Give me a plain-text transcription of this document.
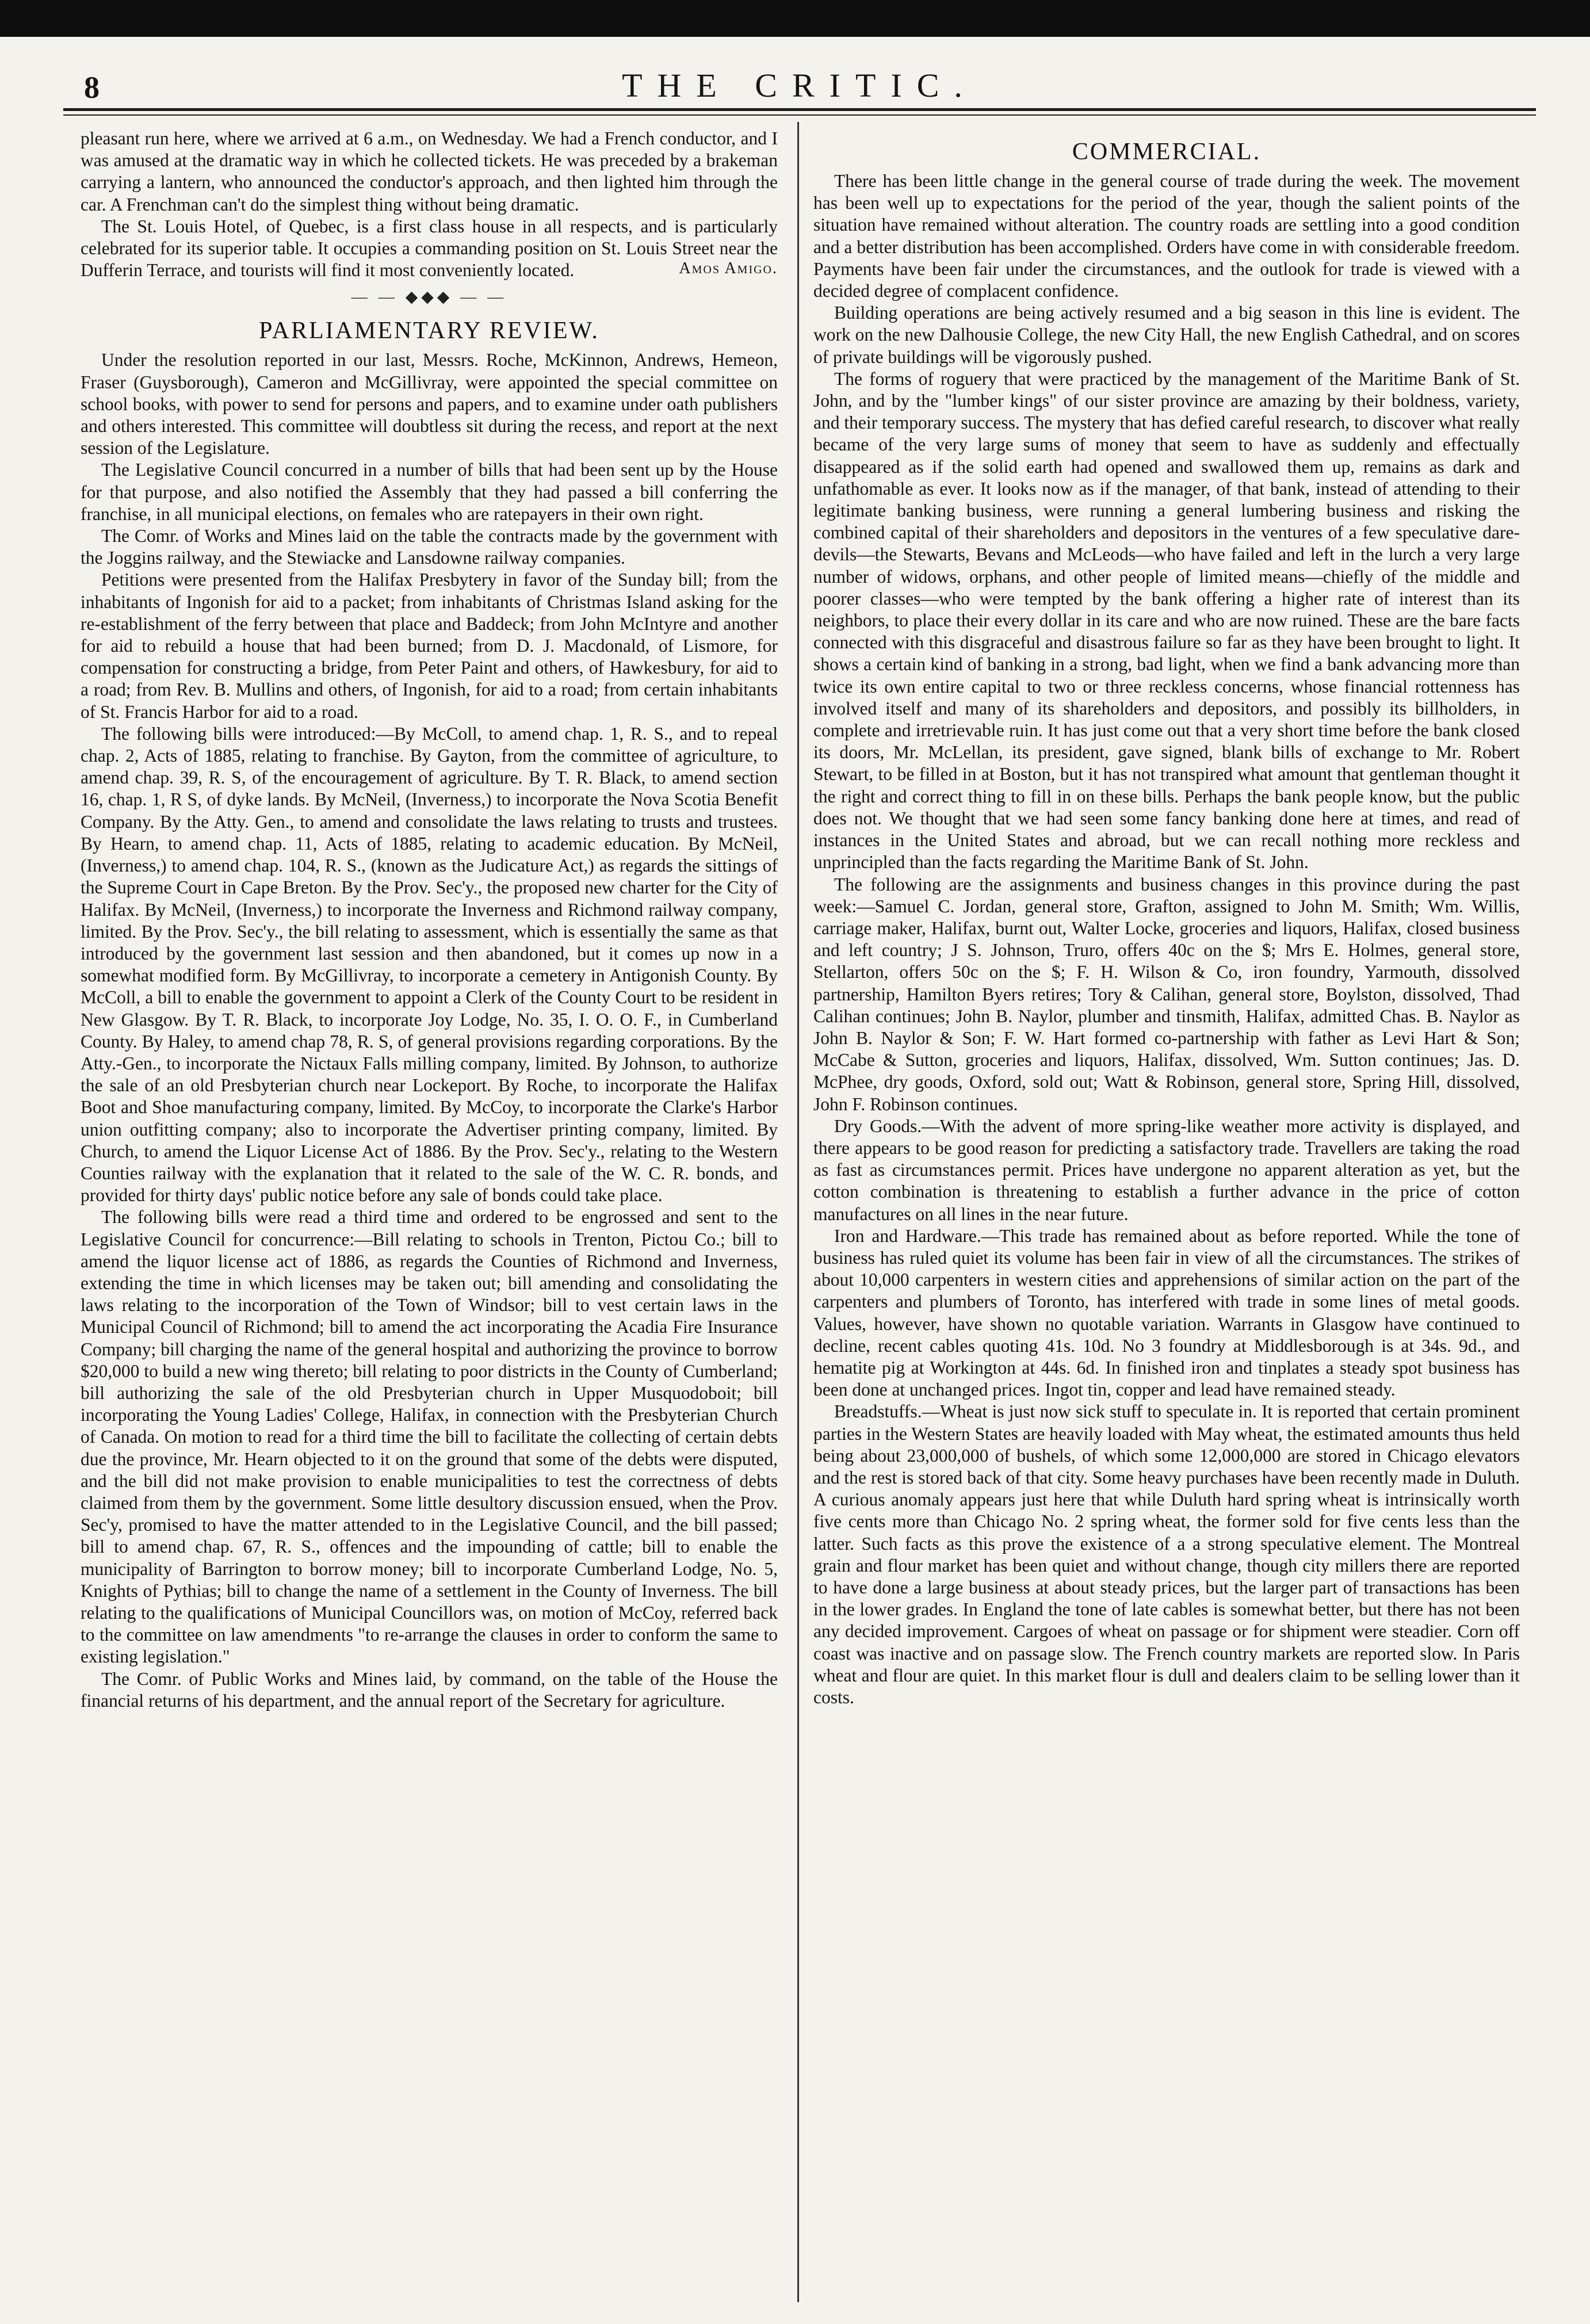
8	THE CRITIC.

pleasant run here, where we arrived at 6 a.m., on Wednesday. We had a French conductor, and I was amused at the dramatic way in which he collected tickets. He was preceded by a brakeman carrying a lantern, who announced the conductor's approach, and then lighted him through the car. A Frenchman can't do the simplest thing without being dramatic.

The St. Louis Hotel, of Quebec, is a first class house in all respects, and is particularly celebrated for its superior table. It occupies a commanding position on St. Louis Street near the Dufferin Terrace, and tourists will find it most conveniently located.	Amos Amigo.
— — ◆◆◆ — —
PARLIAMENTARY REVIEW.

Under the resolution reported in our last, Messrs. Roche, McKinnon, Andrews, Hemeon, Fraser (Guysborough), Cameron and McGillivray, were appointed the special committee on school books, with power to send for persons and papers, and to examine under oath publishers and others interested. This committee will doubtless sit during the recess, and report at the next session of the Legislature.

The Legislative Council concurred in a number of bills that had been sent up by the House for that purpose, and also notified the Assembly that they had passed a bill conferring the franchise, in all municipal elections, on females who are ratepayers in their own right.

The Comr. of Works and Mines laid on the table the contracts made by the government with the Joggins railway, and the Stewiacke and Lansdowne railway companies.

Petitions were presented from the Halifax Presbytery in favor of the Sunday bill; from the inhabitants of Ingonish for aid to a packet; from inhabitants of Christmas Island asking for the re-establishment of the ferry between that place and Baddeck; from John McIntyre and another for aid to rebuild a house that had been burned; from D. J. Macdonald, of Lismore, for compensation for constructing a bridge, from Peter Paint and others, of Hawkesbury, for aid to a road; from Rev. B. Mullins and others, of Ingonish, for aid to a road; from certain inhabitants of St. Francis Harbor for aid to a road.

The following bills were introduced:—By McColl, to amend chap. 1, R. S., and to repeal chap. 2, Acts of 1885, relating to franchise. By Gayton, from the committee of agriculture, to amend chap. 39, R. S, of the encouragement of agriculture. By T. R. Black, to amend section 16, chap. 1, R S, of dyke lands. By McNeil, (Inverness,) to incorporate the Nova Scotia Benefit Company. By the Atty. Gen., to amend and consolidate the laws relating to trusts and trustees. By Hearn, to amend chap. 11, Acts of 1885, relating to academic education. By McNeil, (Inverness,) to amend chap. 104, R. S., (known as the Judicature Act,) as regards the sittings of the Supreme Court in Cape Breton. By the Prov. Sec'y., the proposed new charter for the City of Halifax. By McNeil, (Inverness,) to incorporate the Inverness and Richmond railway company, limited. By the Prov. Sec'y., the bill relating to assessment, which is essentially the same as that introduced by the government last session and then abandoned, but it comes up now in a somewhat modified form. By McGillivray, to incorporate a cemetery in Antigonish County. By McColl, a bill to enable the government to appoint a Clerk of the County Court to be resident in New Glasgow. By T. R. Black, to incorporate Joy Lodge, No. 35, I. O. O. F., in Cumberland County. By Haley, to amend chap 78, R. S, of general provisions regarding corporations. By the Atty.-Gen., to incorporate the Nictaux Falls milling company, limited. By Johnson, to authorize the sale of an old Presbyterian church near Lockeport. By Roche, to incorporate the Halifax Boot and Shoe manufacturing company, limited. By McCoy, to incorporate the Clarke's Harbor union outfitting company; also to incorporate the Advertiser printing company, limited. By Church, to amend the Liquor License Act of 1886. By the Prov. Sec'y., relating to the Western Counties railway with the explanation that it related to the sale of the W. C. R. bonds, and provided for thirty days' public notice before any sale of bonds could take place.

The following bills were read a third time and ordered to be engrossed and sent to the Legislative Council for concurrence:—Bill relating to schools in Trenton, Pictou Co.; bill to amend the liquor license act of 1886, as regards the Counties of Richmond and Inverness, extending the time in which licenses may be taken out; bill amending and consolidating the laws relating to the incorporation of the Town of Windsor; bill to vest certain laws in the Municipal Council of Richmond; bill to amend the act incorporating the Acadia Fire Insurance Company; bill charging the name of the general hospital and authorizing the province to borrow $20,000 to build a new wing thereto; bill relating to poor districts in the County of Cumberland; bill authorizing the sale of the old Presbyterian church in Upper Musquodoboit; bill incorporating the Young Ladies' College, Halifax, in connection with the Presbyterian Church of Canada. On motion to read for a third time the bill to facilitate the collecting of certain debts due the province, Mr. Hearn objected to it on the ground that some of the debts were disputed, and the bill did not make provision to enable municipalities to test the correctness of debts claimed from them by the government. Some little desultory discussion ensued, when the Prov. Sec'y, promised to have the matter attended to in the Legislative Council, and the bill passed; bill to amend chap. 67, R. S., offences and the impounding of cattle; bill to enable the municipality of Barrington to borrow money; bill to incorporate Cumberland Lodge, No. 5, Knights of Pythias; bill to change the name of a settlement in the County of Inverness. The bill relating to the qualifications of Municipal Councillors was, on motion of McCoy, referred back to the committee on law amendments "to re-arrange the clauses in order to conform the same to existing legislation."

The Comr. of Public Works and Mines laid, by command, on the table of the House the financial returns of his department, and the annual report of the Secretary for agriculture.

COMMERCIAL.

There has been little change in the general course of trade during the week. The movement has been well up to expectations for the period of the year, though the salient points of the situation have remained without alteration. The country roads are settling into a good condition and a better distribution has been accomplished. Orders have come in with considerable freedom. Payments have been fair under the circumstances, and the outlook for trade is viewed with a decided degree of complacent confidence.

Building operations are being actively resumed and a big season in this line is evident. The work on the new Dalhousie College, the new City Hall, the new English Cathedral, and on scores of private buildings will be vigorously pushed.

The forms of roguery that were practiced by the management of the Maritime Bank of St. John, and by the "lumber kings" of our sister province are amazing by their boldness, variety, and their temporary success. The mystery that has defied careful research, to discover what really became of the very large sums of money that seem to have as suddenly and effectually disappeared as if the solid earth had opened and swallowed them up, remains as dark and unfathomable as ever. It looks now as if the manager, of that bank, instead of attending to their legitimate banking business, were running a general lumbering business and risking the combined capital of their shareholders and depositors in the ventures of a few speculative dare-devils—the Stewarts, Bevans and McLeods—who have failed and left in the lurch a very large number of widows, orphans, and other people of limited means—chiefly of the middle and poorer classes—who were tempted by the bank offering a higher rate of interest than its neighbors, to place their every dollar in its care and who are now ruined. These are the bare facts connected with this disgraceful and disastrous failure so far as they have been brought to light. It shows a certain kind of banking in a strong, bad light, when we find a bank advancing more than twice its own entire capital to two or three reckless concerns, whose financial rottenness has involved itself and many of its shareholders and depositors, and possibly its billholders, in complete and irretrievable ruin. It has just come out that a very short time before the bank closed its doors, Mr. McLellan, its president, gave signed, blank bills of exchange to Mr. Robert Stewart, to be filled in at Boston, but it has not transpired what amount that gentleman thought it the right and correct thing to fill in on these bills. Perhaps the bank people know, but the public does not. We thought that we had seen some fancy banking done here at times, and read of instances in the United States and abroad, but we can recall nothing more reckless and unprincipled than the facts regarding the Maritime Bank of St. John.

The following are the assignments and business changes in this province during the past week:—Samuel C. Jordan, general store, Grafton, assigned to John M. Smith; Wm. Willis, carriage maker, Halifax, burnt out, Walter Locke, groceries and liquors, Halifax, closed business and left country; J S. Johnson, Truro, offers 40c on the $; Mrs E. Holmes, general store, Stellarton, offers 50c on the $; F. H. Wilson & Co, iron foundry, Yarmouth, dissolved partnership, Hamilton Byers retires; Tory & Calihan, general store, Boylston, dissolved, Thad Calihan continues; John B. Naylor, plumber and tinsmith, Halifax, admitted Chas. B. Naylor as John B. Naylor & Son; F. W. Hart formed co-partnership with father as Levi Hart & Son; McCabe & Sutton, groceries and liquors, Halifax, dissolved, Wm. Sutton continues; Jas. D. McPhee, dry goods, Oxford, sold out; Watt & Robinson, general store, Spring Hill, dissolved, John F. Robinson continues.

Dry Goods.—With the advent of more spring-like weather more activity is displayed, and there appears to be good reason for predicting a satisfactory trade. Travellers are taking the road as fast as circumstances permit. Prices have undergone no apparent alteration as yet, but the cotton combination is threatening to establish a further advance in the price of cotton manufactures on all lines in the near future.

Iron and Hardware.—This trade has remained about as before reported. While the tone of business has ruled quiet its volume has been fair in view of all the circumstances. The strikes of about 10,000 carpenters in western cities and apprehensions of similar action on the part of the carpenters and plumbers of Toronto, has interfered with trade in some lines of metal goods. Values, however, have shown no quotable variation. Warrants in Glasgow have continued to decline, recent cables quoting 41s. 10d. No 3 foundry at Middlesborough is at 34s. 9d., and hematite pig at Workington at 44s. 6d. In finished iron and tinplates a steady spot business has been done at unchanged prices. Ingot tin, copper and lead have remained steady.

Breadstuffs.—Wheat is just now sick stuff to speculate in. It is reported that certain prominent parties in the Western States are heavily loaded with May wheat, the estimated amounts thus held being about 23,000,000 of bushels, of which some 12,000,000 are stored in Chicago elevators and the rest is stored back of that city. Some heavy purchases have been recently made in Duluth. A curious anomaly appears just here that while Duluth hard spring wheat is intrinsically worth five cents more than Chicago No. 2 spring wheat, the former sold for five cents less than the latter. Such facts as this prove the existence of a a strong speculative element. The Montreal grain and flour market has been quiet and without change, though city millers there are reported to have done a large business at about steady prices, but the larger part of transactions has been in the lower grades. In England the tone of late cables is somewhat better, but there has not been any decided improvement. Cargoes of wheat on passage or for shipment were steadier. Corn off coast was inactive and on passage slow. The French country markets are reported slow. In Paris wheat and flour are quiet. In this market flour is dull and dealers claim to be selling lower than it costs.
